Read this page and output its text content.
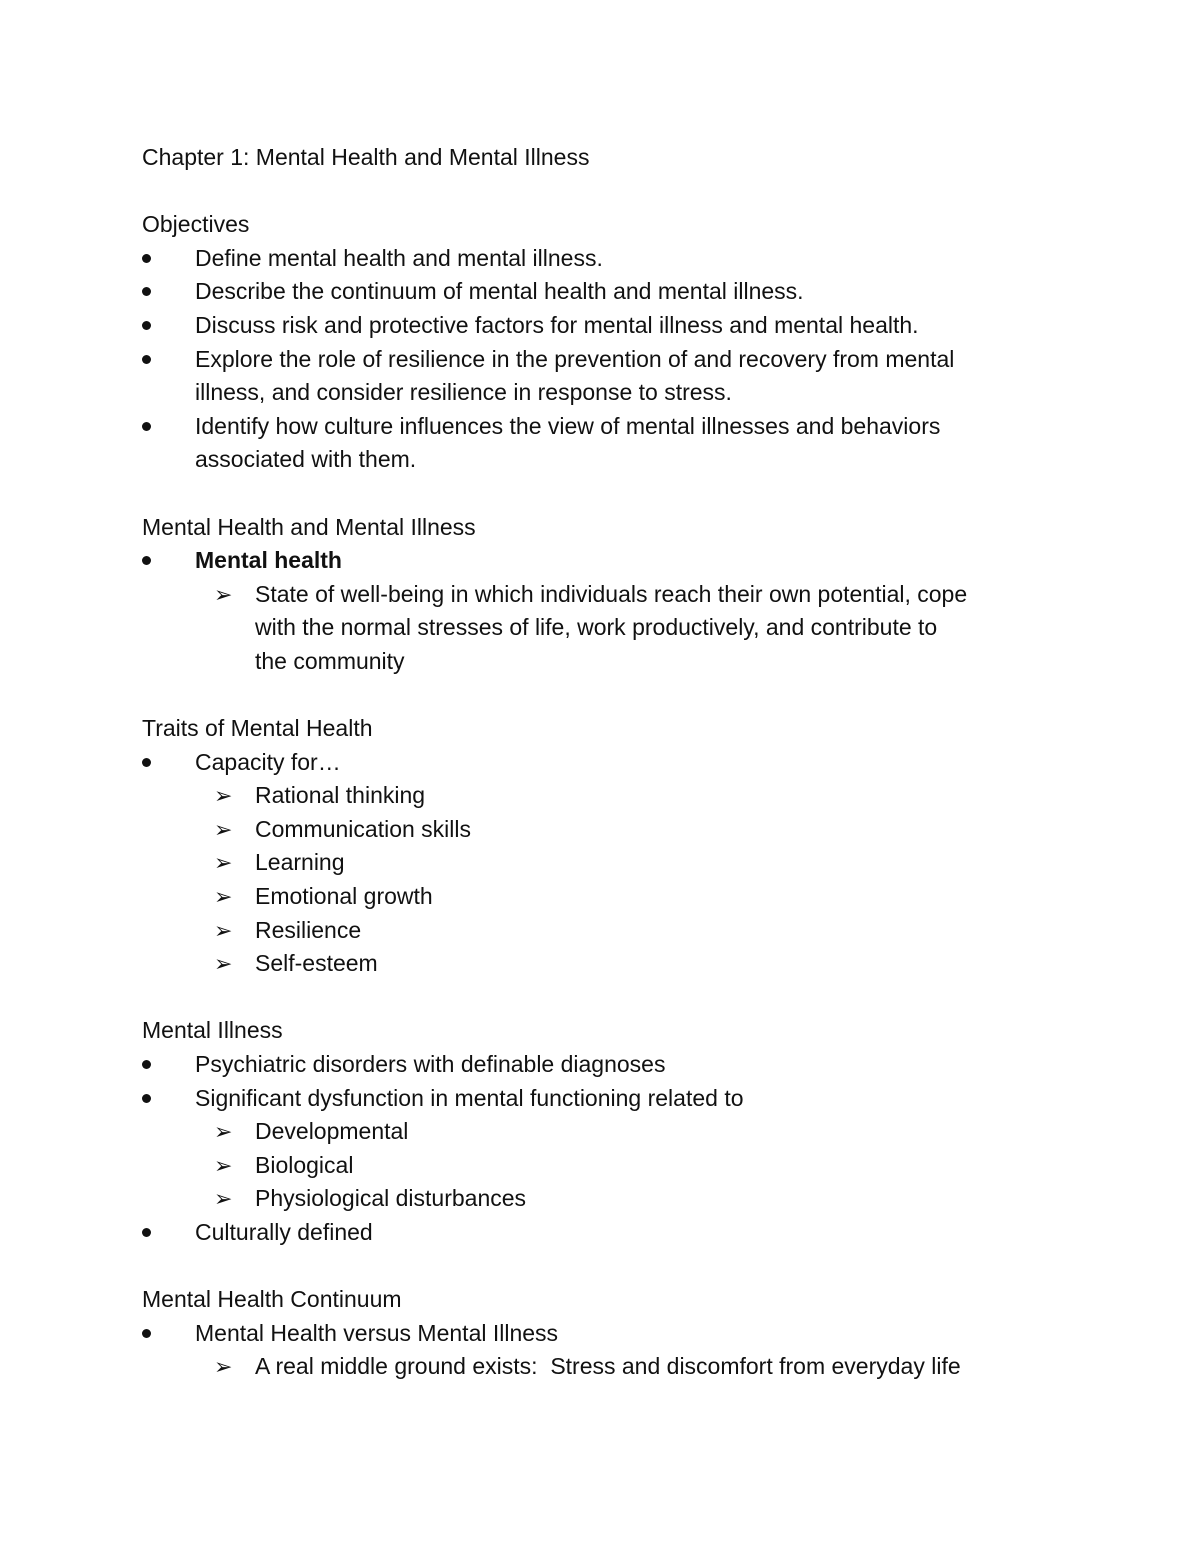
Chapter 1: Mental Health and Mental Illness
Objectives
Define mental health and mental illness.
Describe the continuum of mental health and mental illness.
Discuss risk and protective factors for mental illness and mental health.
Explore the role of resilience in the prevention of and recovery from mental
illness, and consider resilience in response to stress.
Identify how culture influences the view of mental illnesses and behaviors
associated with them.
Mental Health and Mental Illness
Mental health
➢ State of well-being in which individuals reach their own potential, cope
with the normal stresses of life, work productively, and contribute to
the community
Traits of Mental Health
Capacity for…
➢ Rational thinking
➢ Communication skills
➢ Learning
➢ Emotional growth
➢ Resilience
➢ Self-esteem
Mental Illness
Psychiatric disorders with definable diagnoses
Significant dysfunction in mental functioning related to
➢ Developmental
➢ Biological
➢ Physiological disturbances
Culturally defined
Mental Health Continuum
Mental Health versus Mental Illness
➢ A real middle ground exists:  Stress and discomfort from everyday life
